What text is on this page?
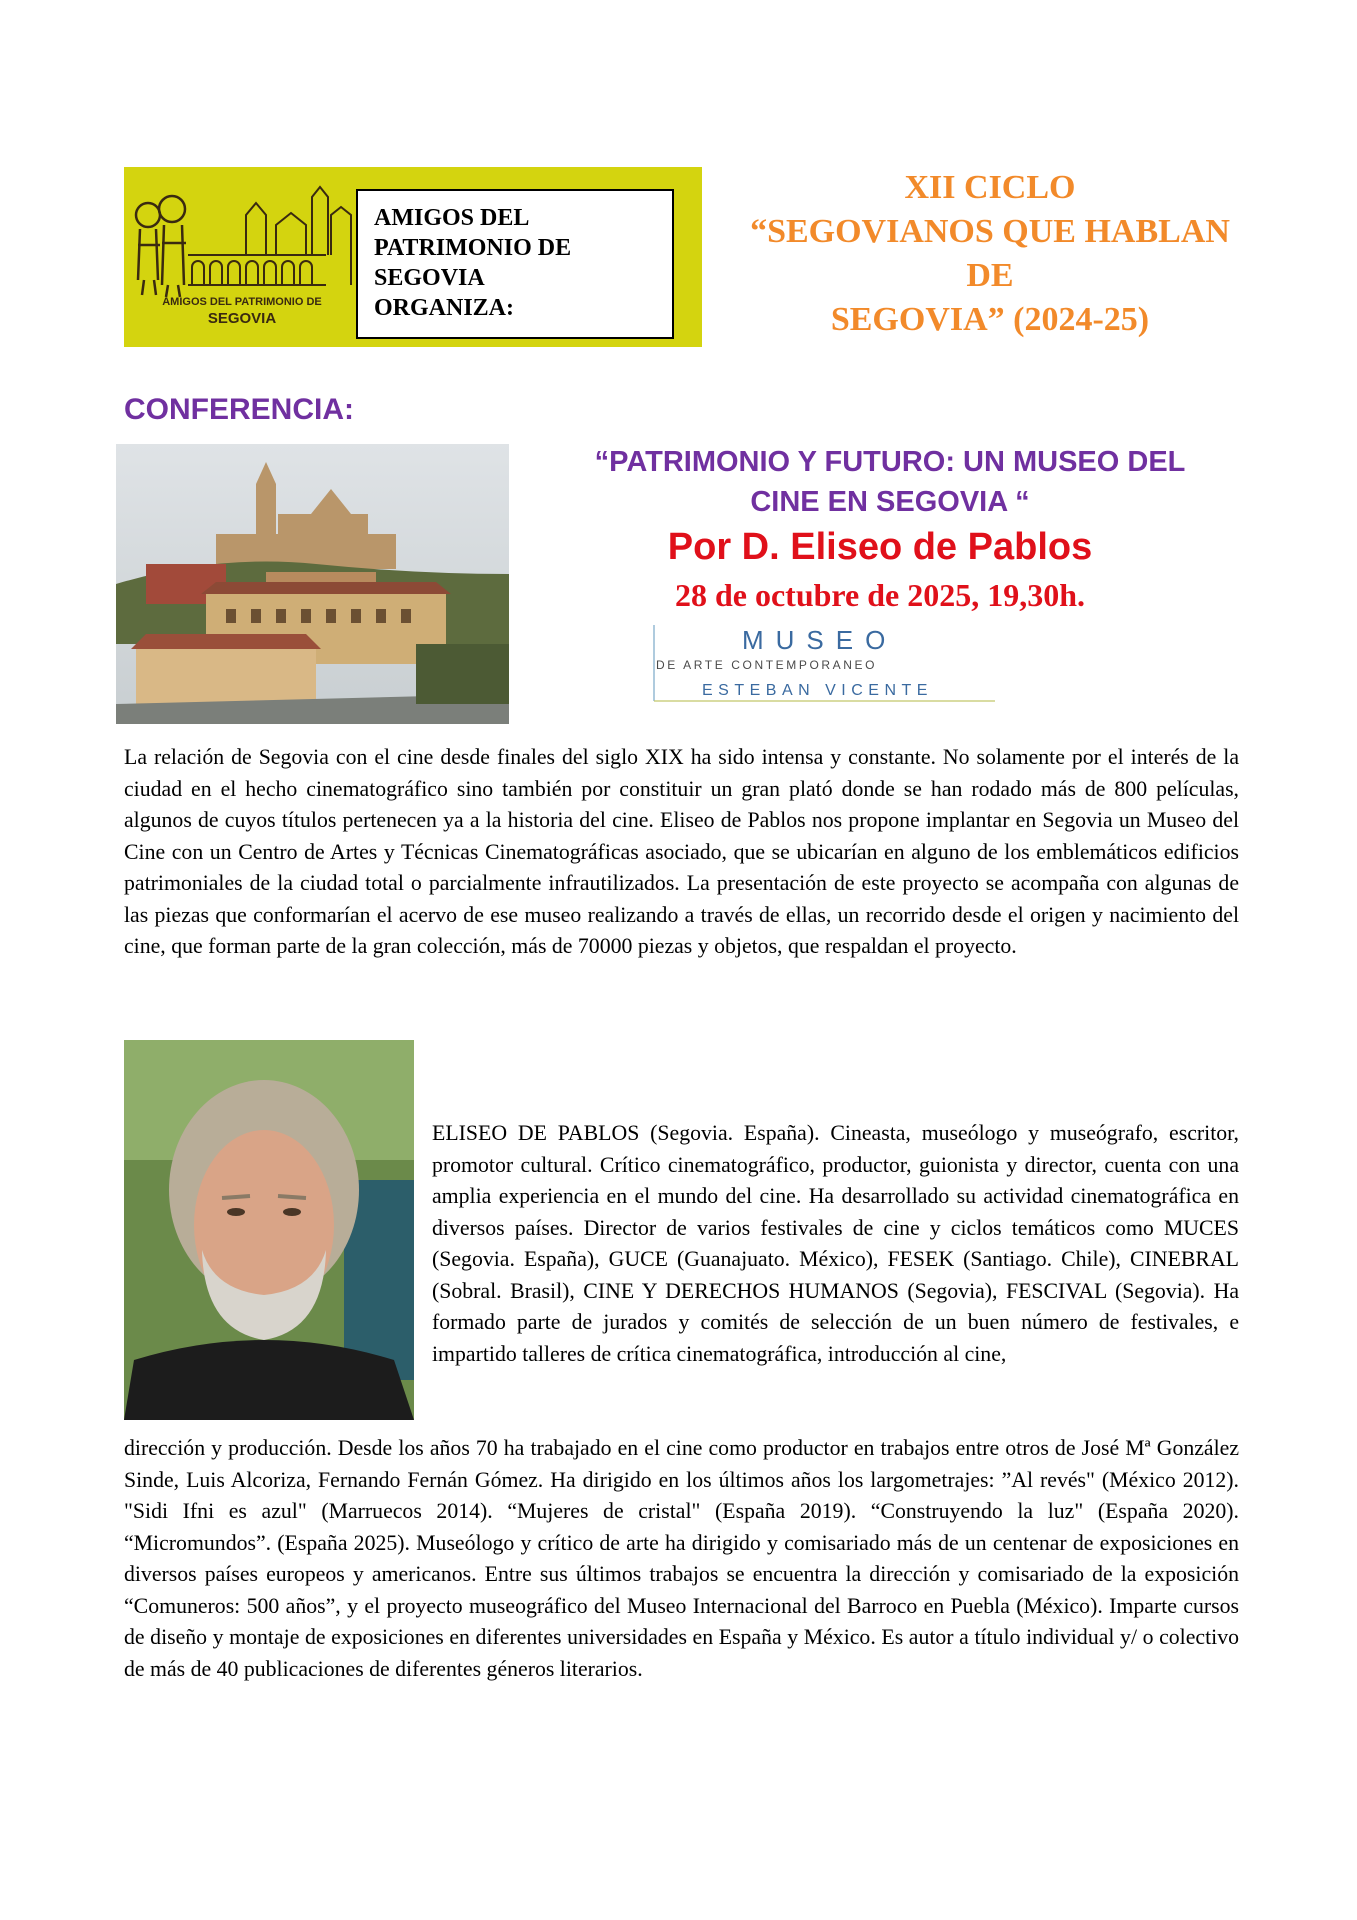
AMIGOS DEL PATRIMONIO DE
SEGOVIA
AMIGOS DEL
PATRIMONIO DE
SEGOVIA
ORGANIZA:
XII CICLO
“SEGOVIANOS QUE HABLAN
DE
SEGOVIA” (2024-25)
CONFERENCIA:
“PATRIMONIO Y FUTURO: UN MUSEO DEL
CINE EN SEGOVIA “
Por D. Eliseo de Pablos
28 de octubre de 2025, 19,30h.
MUSEO
DE ARTE CONTEMPORANEO
ESTEBAN VICENTE
La relación de Segovia con el cine desde finales del siglo XIX ha sido intensa y constante. No solamente por el interés de la ciudad en el hecho cinematográfico sino también por constituir un gran plató donde se han rodado más de 800 películas, algunos de cuyos títulos pertenecen ya a la historia del cine. Eliseo de Pablos nos propone implantar en Segovia un Museo del Cine con un Centro de Artes y Técnicas Cinematográficas asociado, que se ubicarían en alguno de los emblemáticos edificios patrimoniales de la ciudad total o parcialmente infrautilizados. La presentación de este proyecto se acompaña con algunas de las piezas que conformarían el acervo de ese museo realizando a través de ellas, un recorrido desde el origen y nacimiento del cine, que forman parte de la gran colección, más de 70000 piezas y objetos, que respaldan el proyecto.
ELISEO DE PABLOS (Segovia. España). Cineasta, museólogo y museógrafo, escritor, promotor cultural. Crítico cinematográfico, productor, guionista y director, cuenta con una amplia experiencia en el mundo del cine. Ha desarrollado su actividad cinematográfica en diversos países. Director de varios festivales de cine y ciclos temáticos como MUCES (Segovia. España), GUCE (Guanajuato. México), FESEK (Santiago. Chile), CINEBRAL (Sobral. Brasil), CINE Y DERECHOS HUMANOS (Segovia), FESCIVAL (Segovia). Ha formado parte de jurados y comités de selección de un buen número de festivales, e impartido talleres de crítica cinematográfica, introducción al cine,
dirección y producción. Desde los años 70 ha trabajado en el cine como productor en trabajos entre otros de José Mª González Sinde, Luis Alcoriza, Fernando Fernán Gómez. Ha dirigido en los últimos años los largometrajes: ”Al revés" (México 2012). "Sidi Ifni es azul" (Marruecos 2014). “Mujeres de cristal" (España 2019). “Construyendo la luz" (España 2020). “Micromundos”. (España 2025). Museólogo y crítico de arte ha dirigido y comisariado más de un centenar de exposiciones en diversos países europeos y americanos. Entre sus últimos trabajos se encuentra la dirección y comisariado de la exposición “Comuneros: 500 años”, y el proyecto museográfico del Museo Internacional del Barroco en Puebla (México). Imparte cursos de diseño y montaje de exposiciones en diferentes universidades en España y México. Es autor a título individual y/ o colectivo de más de 40 publicaciones de diferentes géneros literarios.
